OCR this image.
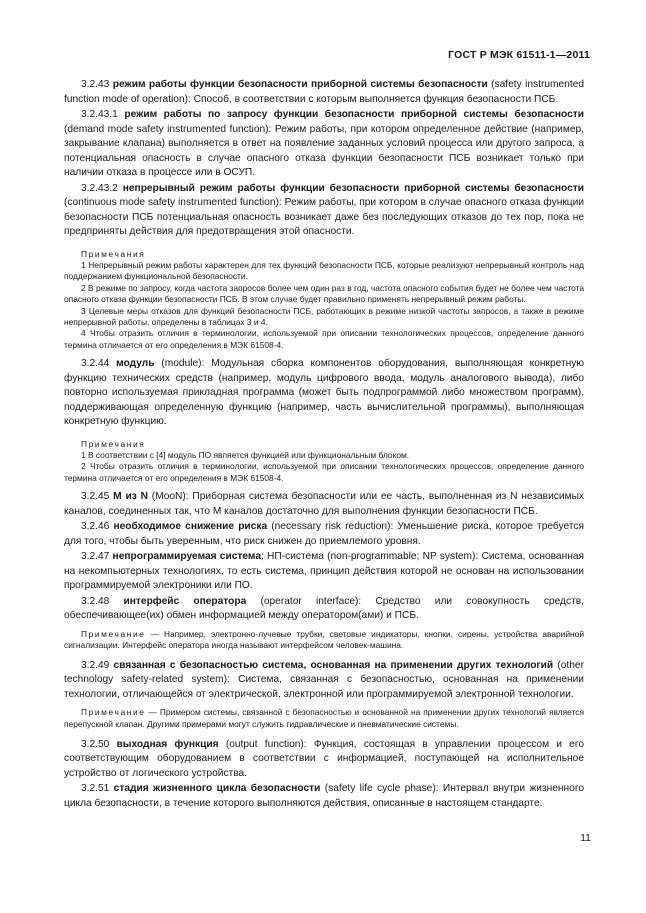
ГОСТ Р МЭК 61511-1—2011

3.2.43 режим работы функции безопасности приборной системы безопасности (safety instrumented function mode of operation): Способ, в соответствии с которым выполняется функция безопасности ПСБ.

3.2.43.1 режим работы по запросу функции безопасности приборной системы безопасности (demand mode safety instrumented function): Режим работы, при котором определенное действие (например, закрывание клапана) выполняется в ответ на появление заданных условий процесса или другого запроса, а потенциальная опасность в случае опасного отказа функции безопасности ПСБ возникает только при наличии отказа в процессе или в ОСУП.

3.2.43.2 непрерывный режим работы функции безопасности приборной системы безопасности (continuous mode safety instrumented function): Режим работы, при котором в случае опасного отказа функции безопасности ПСБ потенциальная опасность возникает даже без последующих отказов до тех пор, пока не предприняты действия для предотвращения этой опасности.

Примечания

1 Непрерывный режим работы характерен для тех функций безопасности ПСБ, которые реализуют непрерывный контроль над поддержанием функциональной безопасности.

2 В режиме по запросу, когда частота запросов более чем один раз в год, частота опасного события будет не более чем частота опасного отказа функции безопасности ПСБ. В этом случае будет правильно применять непрерывный режим работы.

3 Целевые меры отказов для функций безопасности ПСБ, работающих в режиме низкой частоты запросов, а также в режиме непрерывной работы, определены в таблицах 3 и 4.

4 Чтобы отразить отличия в терминологии, используемой при описании технологических процессов, определение данного термина отличается от его определения в МЭК 61508-4.

3.2.44 модуль (module): Модульная сборка компонентов оборудования, выполняющая конкретную функцию технических средств (например, модуль цифрового ввода, модуль аналогового вывода), либо повторно используемая прикладная программа (может быть подпрограммой либо множеством программ), поддерживающая определенную функцию (например, часть вычислительной программы), выполняющая конкретную функцию.

Примечания

1 В соответствии с [4] модуль ПО является функцией или функциональным блоком.

2 Чтобы отразить отличия в терминологии, используемой при описании технологических процессов, определение данного термина отличается от его определения в МЭК 61508-4.

3.2.45 M из N (MooN): Приборная система безопасности или ее часть, выполненная из N независимых каналов, соединенных так, что M каналов достаточно для выполнения функции безопасности ПСБ.

3.2.46 необходимое снижение риска (necessary risk reduction): Уменьшение риска, которое требуется для того, чтобы быть уверенным, что риск снижен до приемлемого уровня.

3.2.47 непрограммируемая система; НП-система (non-programmable; NP system): Система, основанная на некомпьютерных технологиях, то есть система, принцип действия которой не основан на использовании программируемой электроники или ПО.

3.2.48 интерфейс оператора (operator interface): Средство или совокупность средств, обеспечивающее(их) обмен информацией между оператором(ами) и ПСБ.

Примечание — Например, электронно-лучевые трубки, световые индикаторы, кнопки, сирены, устройства аварийной сигнализации. Интерфейс оператора иногда называют интерфейсом человек-машина.

3.2.49 связанная с безопасностью система, основанная на применении других технологий (other technology safety-related system): Система, связанная с безопасностью, основанная на применении технологии, отличающейся от электрической, электронной или программируемой электронной технологии.

Примечание — Примером системы, связанной с безопасностью и основанной на применении других технологий является перепускной клапан. Другими примерами могут служить гидравлические и пневматические системы.

3.2.50 выходная функция (output function): Функция, состоящая в управлении процессом и его соответствующим оборудованием в соответствии с информацией, поступающей на исполнительное устройство от логического устройства.

3.2.51 стадия жизненного цикла безопасности (safety life cycle phase): Интервал внутри жизненного цикла безопасности, в течение которого выполняются действия, описанные в настоящем стандарте.

11
